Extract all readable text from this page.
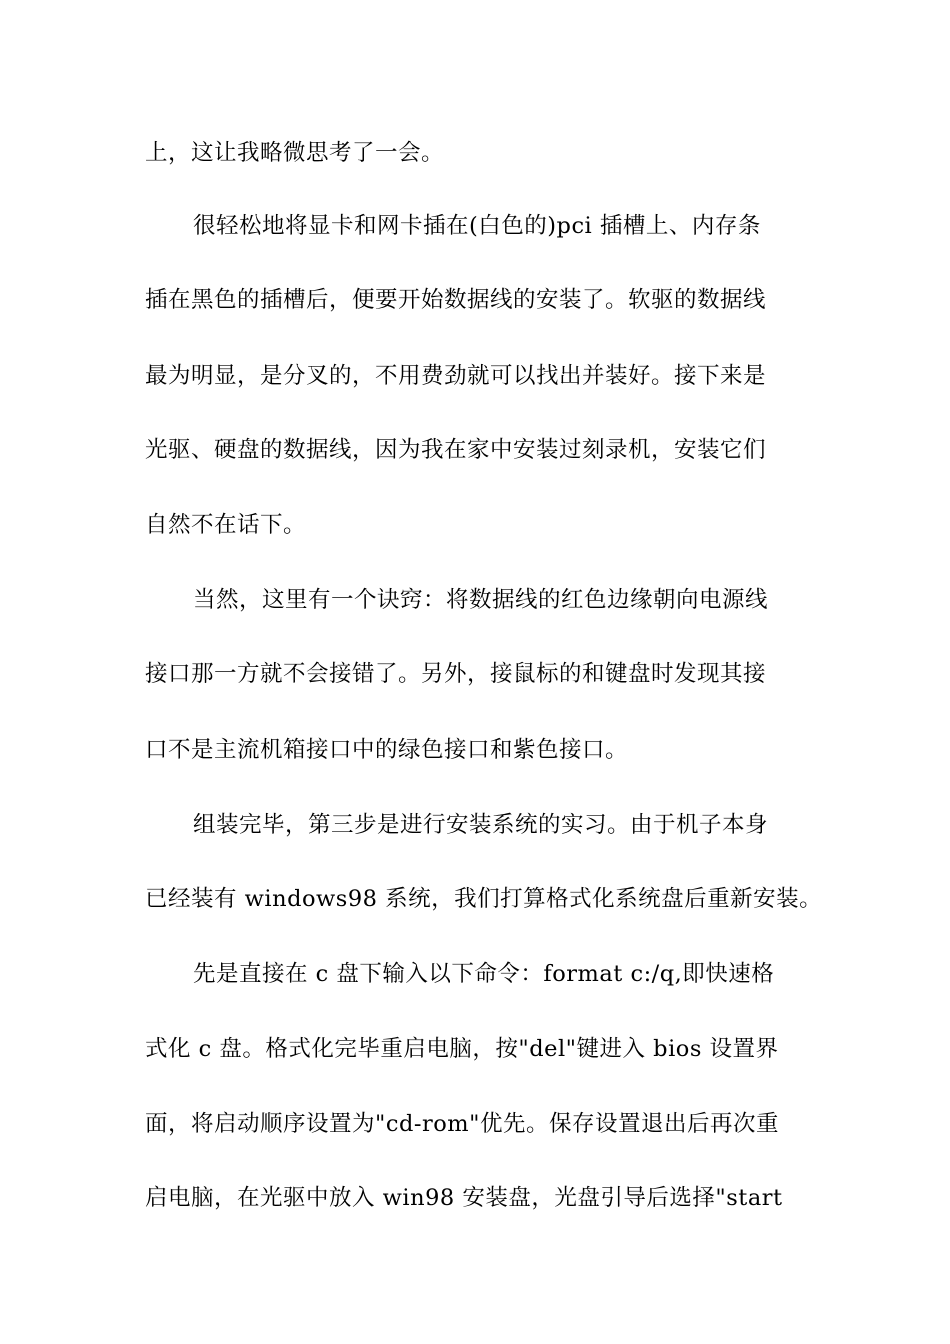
上，这让我略微思考了一会。
很轻松地将显卡和网卡插在(白色的)pci 插槽上、内存条
插在黑色的插槽后，便要开始数据线的安装了。软驱的数据线
最为明显，是分叉的，不用费劲就可以找出并装好。接下来是
光驱、硬盘的数据线，因为我在家中安装过刻录机，安装它们
自然不在话下。
当然，这里有一个诀窍：将数据线的红色边缘朝向电源线
接口那一方就不会接错了。另外，接鼠标的和键盘时发现其接
口不是主流机箱接口中的绿色接口和紫色接口。
组装完毕，第三步是进行安装系统的实习。由于机子本身
已经装有 windows98 系统，我们打算格式化系统盘后重新安装。
先是直接在 c 盘下输入以下命令：format c:/q,即快速格
式化 c 盘。格式化完毕重启电脑，按"del"键进入 bios 设置界
面，将启动顺序设置为"cd-rom"优先。保存设置退出后再次重
启电脑，在光驱中放入 win98 安装盘，光盘引导后选择"start
